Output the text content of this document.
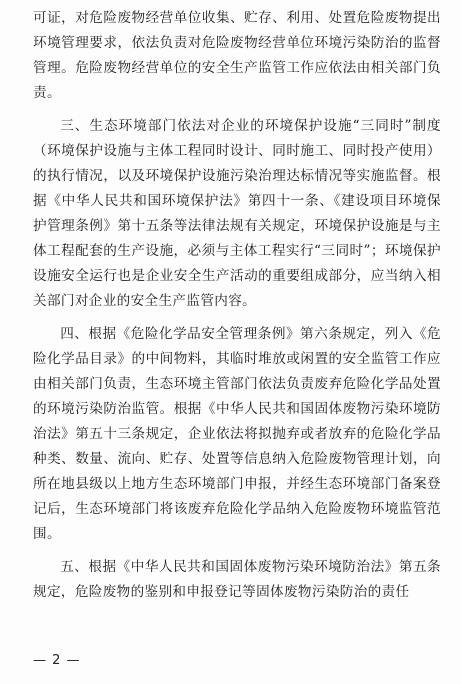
可证，对危险废物经营单位收集、贮存、利用、处置危险废物提出环境管理要求，依法负责对危险废物经营单位环境污染防治的监督管理。危险废物经营单位的安全生产监管工作应依法由相关部门负责。

三、生态环境部门依法对企业的环境保护设施“三同时”制度（环境保护设施与主体工程同时设计、同时施工、同时投产使用）的执行情况，以及环境保护设施污染治理达标情况等实施监督。根据《中华人民共和国环境保护法》第四十一条、《建设项目环境保护管理条例》第十五条等法律法规有关规定，环境保护设施是与主体工程配套的生产设施，必须与主体工程实行“三同时”；环境保护设施安全运行也是企业安全生产活动的重要组成部分，应当纳入相关部门对企业的安全生产监管内容。

四、根据《危险化学品安全管理条例》第六条规定，列入《危险化学品目录》的中间物料，其临时堆放或闲置的安全监管工作应由相关部门负责，生态环境主管部门依法负责废弃危险化学品处置的环境污染防治监管。根据《中华人民共和国固体废物污染环境防治法》第五十三条规定，企业依法将拟抛弃或者放弃的危险化学品种类、数量、流向、贮存、处置等信息纳入危险废物管理计划，向所在地县级以上地方生态环境部门申报，并经生态环境部门备案登记后，生态环境部门将该废弃危险化学品纳入危险废物环境监管范围。

五、根据《中华人民共和国固体废物污染环境防治法》第五条规定，危险废物的鉴别和申报登记等固体废物污染防治的责任

— 2 —
